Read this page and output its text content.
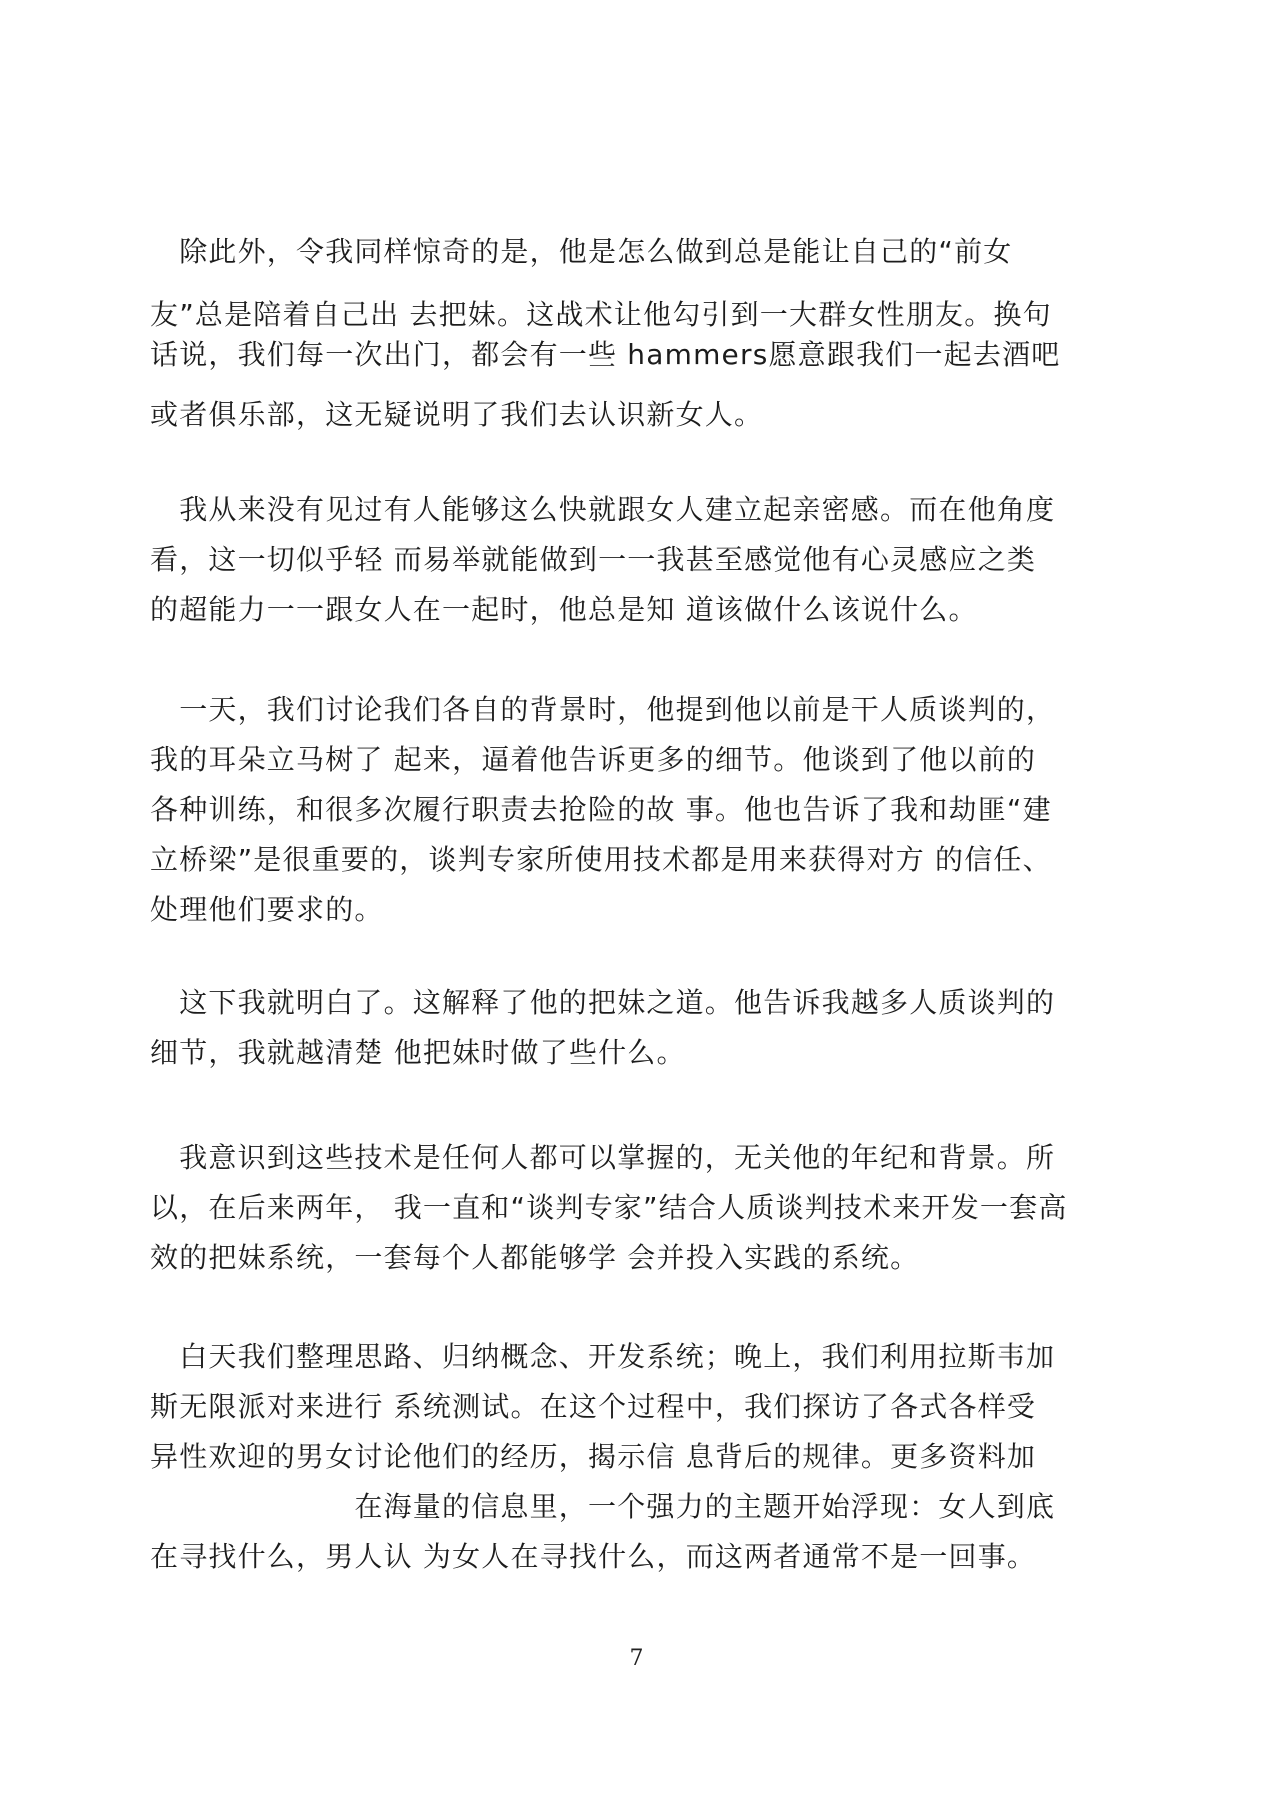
　除此外，令我同样惊奇的是，他是怎么做到总是能让自己的“前女
友”总是陪着自己出 去把妹。这战术让他勾引到一大群女性朋友。换句
话说，我们每一次出门，都会有一些 hammers愿意跟我们一起去酒吧
或者俱乐部，这无疑说明了我们去认识新女人。
　我从来没有见过有人能够这么快就跟女人建立起亲密感。而在他角度
看，这一切似乎轻 而易举就能做到一一我甚至感觉他有心灵感应之类
的超能力一一跟女人在一起时，他总是知 道该做什么该说什么。
　一天，我们讨论我们各自的背景时，他提到他以前是干人质谈判的，
我的耳朵立马树了 起来，逼着他告诉更多的细节。他谈到了他以前的
各种训练，和很多次履行职责去抢险的故 事。他也告诉了我和劫匪“建
立桥梁”是很重要的，谈判专家所使用技术都是用来获得对方 的信任、
处理他们要求的。
　这下我就明白了。这解释了他的把妹之道。他告诉我越多人质谈判的
细节，我就越清楚 他把妹时做了些什么。
　我意识到这些技术是任何人都可以掌握的，无关他的年纪和背景。所
以，在后来两年， 我一直和“谈判专家”结合人质谈判技术来开发一套高
效的把妹系统，一套每个人都能够学 会并投入实践的系统。
　白天我们整理思路、归纳概念、开发系统；晚上，我们利用拉斯韦加
斯无限派对来进行 系统测试。在这个过程中，我们探访了各式各样受
异性欢迎的男女讨论他们的经历，揭示信 息背后的规律。更多资料加
　　　　　　　在海量的信息里，一个强力的主题开始浮现：女人到底
在寻找什么，男人认 为女人在寻找什么，而这两者通常不是一回事。
7
